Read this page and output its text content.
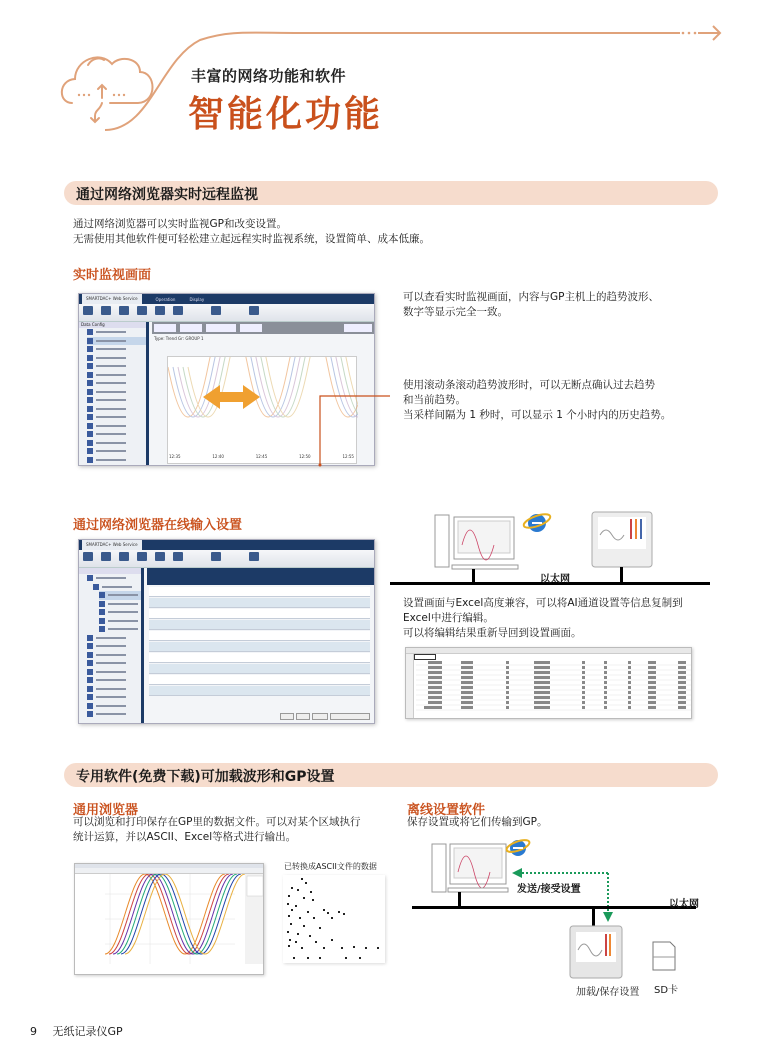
丰富的网络功能和软件
智能化功能
通过网络浏览器实时远程监视
通过网络浏览器可以实时监视GP和改变设置。
无需使用其他软件便可轻松建立起远程实时监视系统，设置简单、成本低廉。
实时监视画面
SMARTDAC+ Web Service	Operation	Display
Data Config
Type: Trend Gr: GROUP 1
12:35	12:40	12:45	12:50	12:55
可以查看实时监视画面，内容与GP主机上的趋势波形、
数字等显示完全一致。
使用滚动条滚动趋势波形时，可以无断点确认过去趋势
和当前趋势。
当采样间隔为 1 秒时，可以显示 1 个小时内的历史趋势。
通过网络浏览器在线输入设置
SMARTDAC+ Web Service
以太网
设置画面与Excel高度兼容，可以将AI通道设置等信息复制到
Excel中进行编辑。
可以将编辑结果重新导回到设置画面。
专用软件(免费下载)可加载波形和GP设置
通用浏览器
可以浏览和打印保存在GP里的数据文件。可以对某个区域执行
统计运算，并以ASCII、Excel等格式进行输出。
已转换成ASCII文件的数据
离线设置软件
保存设置或将它们传输到GP。
发送/接受设置
以太网
加载/保存设置 SD卡
9 无纸记录仪GP
